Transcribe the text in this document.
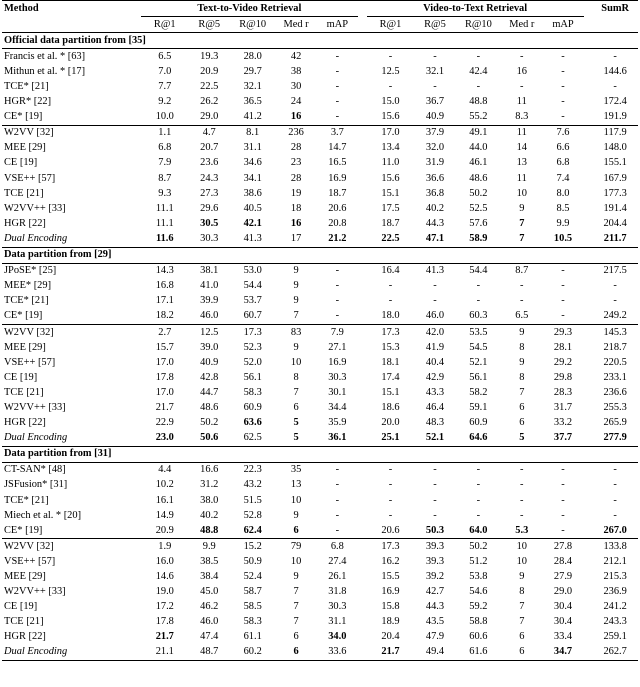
Method	Text-to-Video Retrieval						Video-to-Text Retrieval						SumR
	R@1	R@5	R@10	Med r	mAP		R@1	R@5	R@10	Med r	mAP		
Official data partition from [35]													
Francis et al. * [63]	6.5	19.3	28.0	42	-		-	-	-	-	-		-
Mithun et al. * [17]	7.0	20.9	29.7	38	-		12.5	32.1	42.4	16	-		144.6
TCE* [21]	7.7	22.5	32.1	30	-		-	-	-	-	-		-
HGR* [22]	9.2	26.2	36.5	24	-		15.0	36.7	48.8	11	-		172.4
CE* [19]	10.0	29.0	41.2	16	-		15.6	40.9	55.2	8.3	-		191.9
W2VV [32]	1.1	4.7	8.1	236	3.7		17.0	37.9	49.1	11	7.6		117.9
MEE [29]	6.8	20.7	31.1	28	14.7		13.4	32.0	44.0	14	6.6		148.0
CE [19]	7.9	23.6	34.6	23	16.5		11.0	31.9	46.1	13	6.8		155.1
VSE++ [57]	8.7	24.3	34.1	28	16.9		15.6	36.6	48.6	11	7.4		167.9
TCE [21]	9.3	27.3	38.6	19	18.7		15.1	36.8	50.2	10	8.0		177.3
W2VV++ [33]	11.1	29.6	40.5	18	20.6		17.5	40.2	52.5	9	8.5		191.4
HGR [22]	11.1	30.5	42.1	16	20.8		18.7	44.3	57.6	7	9.9		204.4
Dual Encoding	11.6	30.3	41.3	17	21.2		22.5	47.1	58.9	7	10.5		211.7
Data partition from [29]													
JPoSE* [25]	14.3	38.1	53.0	9	-		16.4	41.3	54.4	8.7	-		217.5
MEE* [29]	16.8	41.0	54.4	9	-		-	-	-	-	-		-
TCE* [21]	17.1	39.9	53.7	9	-		-	-	-	-	-		-
CE* [19]	18.2	46.0	60.7	7	-		18.0	46.0	60.3	6.5	-		249.2
W2VV [32]	2.7	12.5	17.3	83	7.9		17.3	42.0	53.5	9	29.3		145.3
MEE [29]	15.7	39.0	52.3	9	27.1		15.3	41.9	54.5	8	28.1		218.7
VSE++ [57]	17.0	40.9	52.0	10	16.9		18.1	40.4	52.1	9	29.2		220.5
CE [19]	17.8	42.8	56.1	8	30.3		17.4	42.9	56.1	8	29.8		233.1
TCE [21]	17.0	44.7	58.3	7	30.1		15.1	43.3	58.2	7	28.3		236.6
W2VV++ [33]	21.7	48.6	60.9	6	34.4		18.6	46.4	59.1	6	31.7		255.3
HGR [22]	22.9	50.2	63.6	5	35.9		20.0	48.3	60.9	6	33.2		265.9
Dual Encoding	23.0	50.6	62.5	5	36.1		25.1	52.1	64.6	5	37.7		277.9
Data partition from [31]													
CT-SAN* [48]	4.4	16.6	22.3	35	-		-	-	-	-	-		-
JSFusion* [31]	10.2	31.2	43.2	13	-		-	-	-	-	-		-
TCE* [21]	16.1	38.0	51.5	10	-		-	-	-	-	-		-
Miech et al. * [20]	14.9	40.2	52.8	9	-		-	-	-	-	-		-
CE* [19]	20.9	48.8	62.4	6	-		20.6	50.3	64.0	5.3	-		267.0
W2VV [32]	1.9	9.9	15.2	79	6.8		17.3	39.3	50.2	10	27.8		133.8
VSE++ [57]	16.0	38.5	50.9	10	27.4		16.2	39.3	51.2	10	28.4		212.1
MEE [29]	14.6	38.4	52.4	9	26.1		15.5	39.2	53.8	9	27.9		215.3
W2VV++ [33]	19.0	45.0	58.7	7	31.8		16.9	42.7	54.6	8	29.0		236.9
CE [19]	17.2	46.2	58.5	7	30.3		15.8	44.3	59.2	7	30.4		241.2
TCE [21]	17.8	46.0	58.3	7	31.1		18.9	43.5	58.8	7	30.4		243.3
HGR [22]	21.7	47.4	61.1	6	34.0		20.4	47.9	60.6	6	33.4		259.1
Dual Encoding	21.1	48.7	60.2	6	33.6		21.7	49.4	61.6	6	34.7		262.7
